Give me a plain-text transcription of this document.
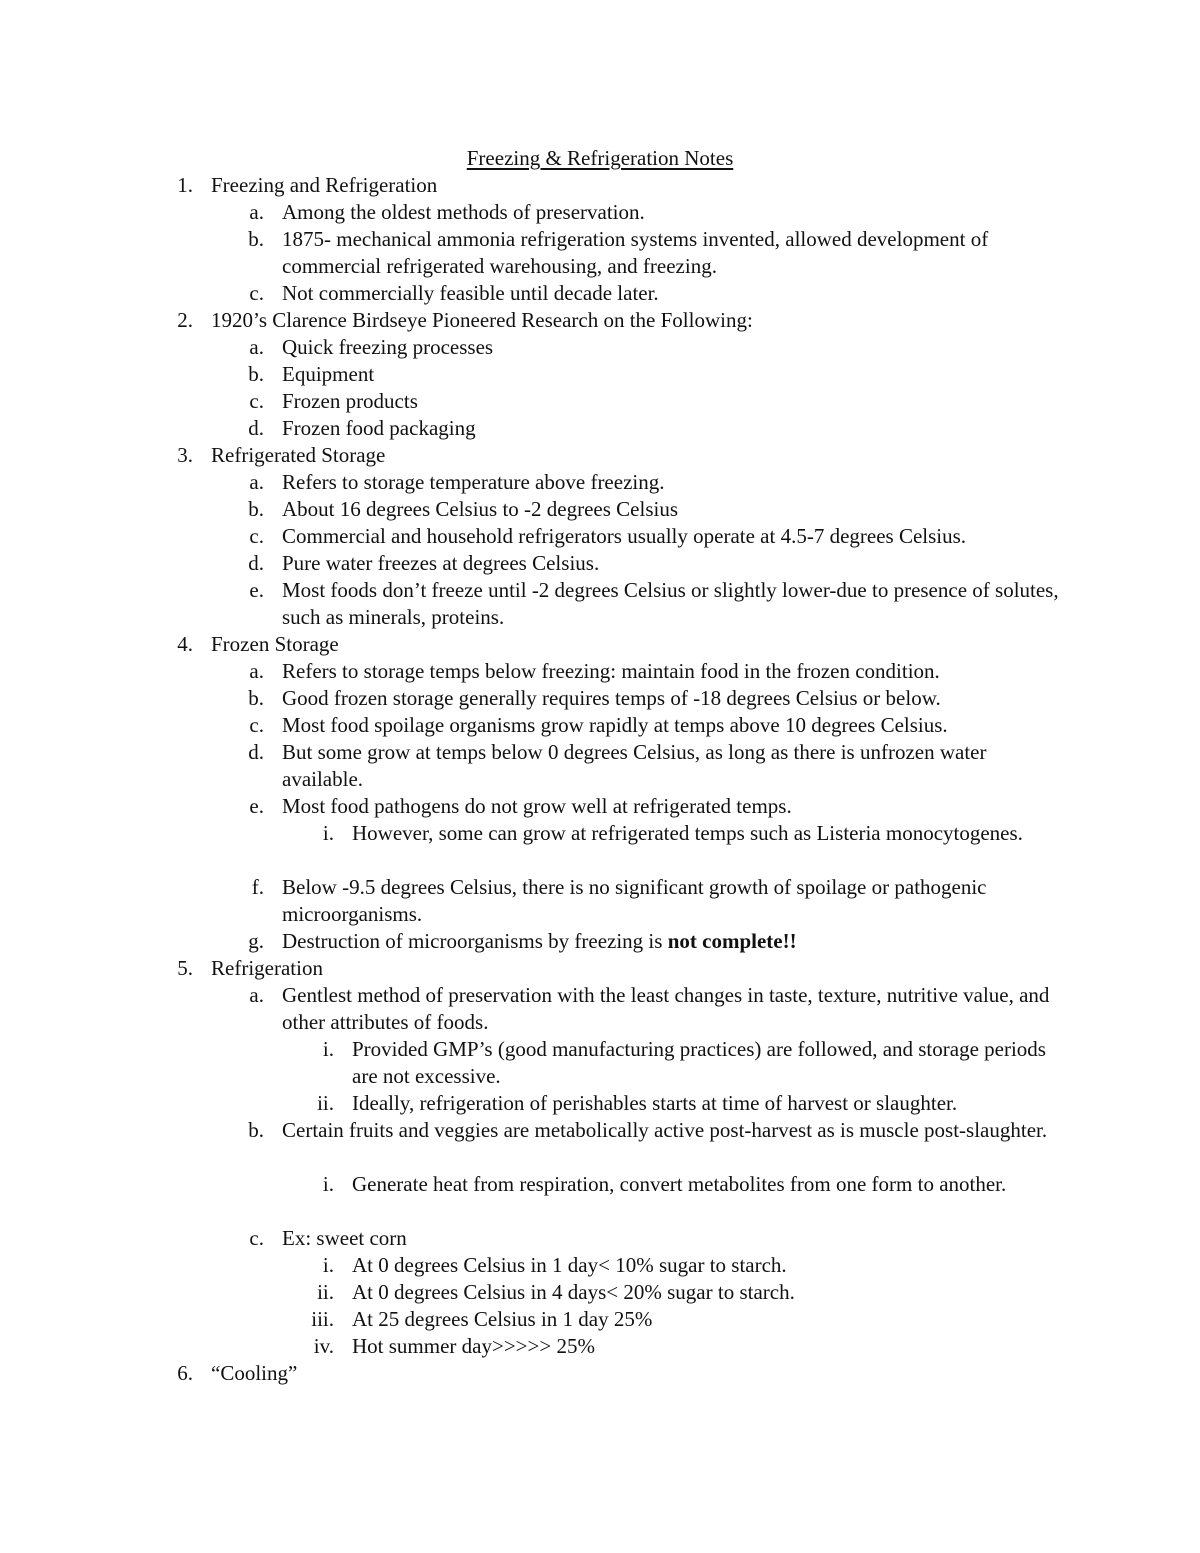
Freezing & Refrigeration Notes
1. Freezing and Refrigeration
a. Among the oldest methods of preservation.
b. 1875- mechanical ammonia refrigeration systems invented, allowed development of commercial refrigerated warehousing, and freezing.
c. Not commercially feasible until decade later.
2. 1920’s Clarence Birdseye Pioneered Research on the Following:
a. Quick freezing processes
b. Equipment
c. Frozen products
d. Frozen food packaging
3. Refrigerated Storage
a. Refers to storage temperature above freezing.
b. About 16 degrees Celsius to -2 degrees Celsius
c. Commercial and household refrigerators usually operate at 4.5-7 degrees Celsius.
d. Pure water freezes at degrees Celsius.
e. Most foods don’t freeze until -2 degrees Celsius or slightly lower-due to presence of solutes, such as minerals, proteins.
4. Frozen Storage
a. Refers to storage temps below freezing: maintain food in the frozen condition.
b. Good frozen storage generally requires temps of -18 degrees Celsius or below.
c. Most food spoilage organisms grow rapidly at temps above 10 degrees Celsius.
d. But some grow at temps below 0 degrees Celsius, as long as there is unfrozen water available.
e. Most food pathogens do not grow well at refrigerated temps.
i. However, some can grow at refrigerated temps such as Listeria monocytogenes.
f. Below -9.5 degrees Celsius, there is no significant growth of spoilage or pathogenic microorganisms.
g. Destruction of microorganisms by freezing is not complete!!
5. Refrigeration
a. Gentlest method of preservation with the least changes in taste, texture, nutritive value, and other attributes of foods.
i. Provided GMP’s (good manufacturing practices) are followed, and storage periods are not excessive.
ii. Ideally, refrigeration of perishables starts at time of harvest or slaughter.
b. Certain fruits and veggies are metabolically active post-harvest as is muscle post-slaughter.
i. Generate heat from respiration, convert metabolites from one form to another.
c. Ex: sweet corn
i. At 0 degrees Celsius in 1 day< 10% sugar to starch.
ii. At 0 degrees Celsius in 4 days< 20% sugar to starch.
iii. At 25 degrees Celsius in 1 day 25%
iv. Hot summer day>>>>> 25%
6. “Cooling”
